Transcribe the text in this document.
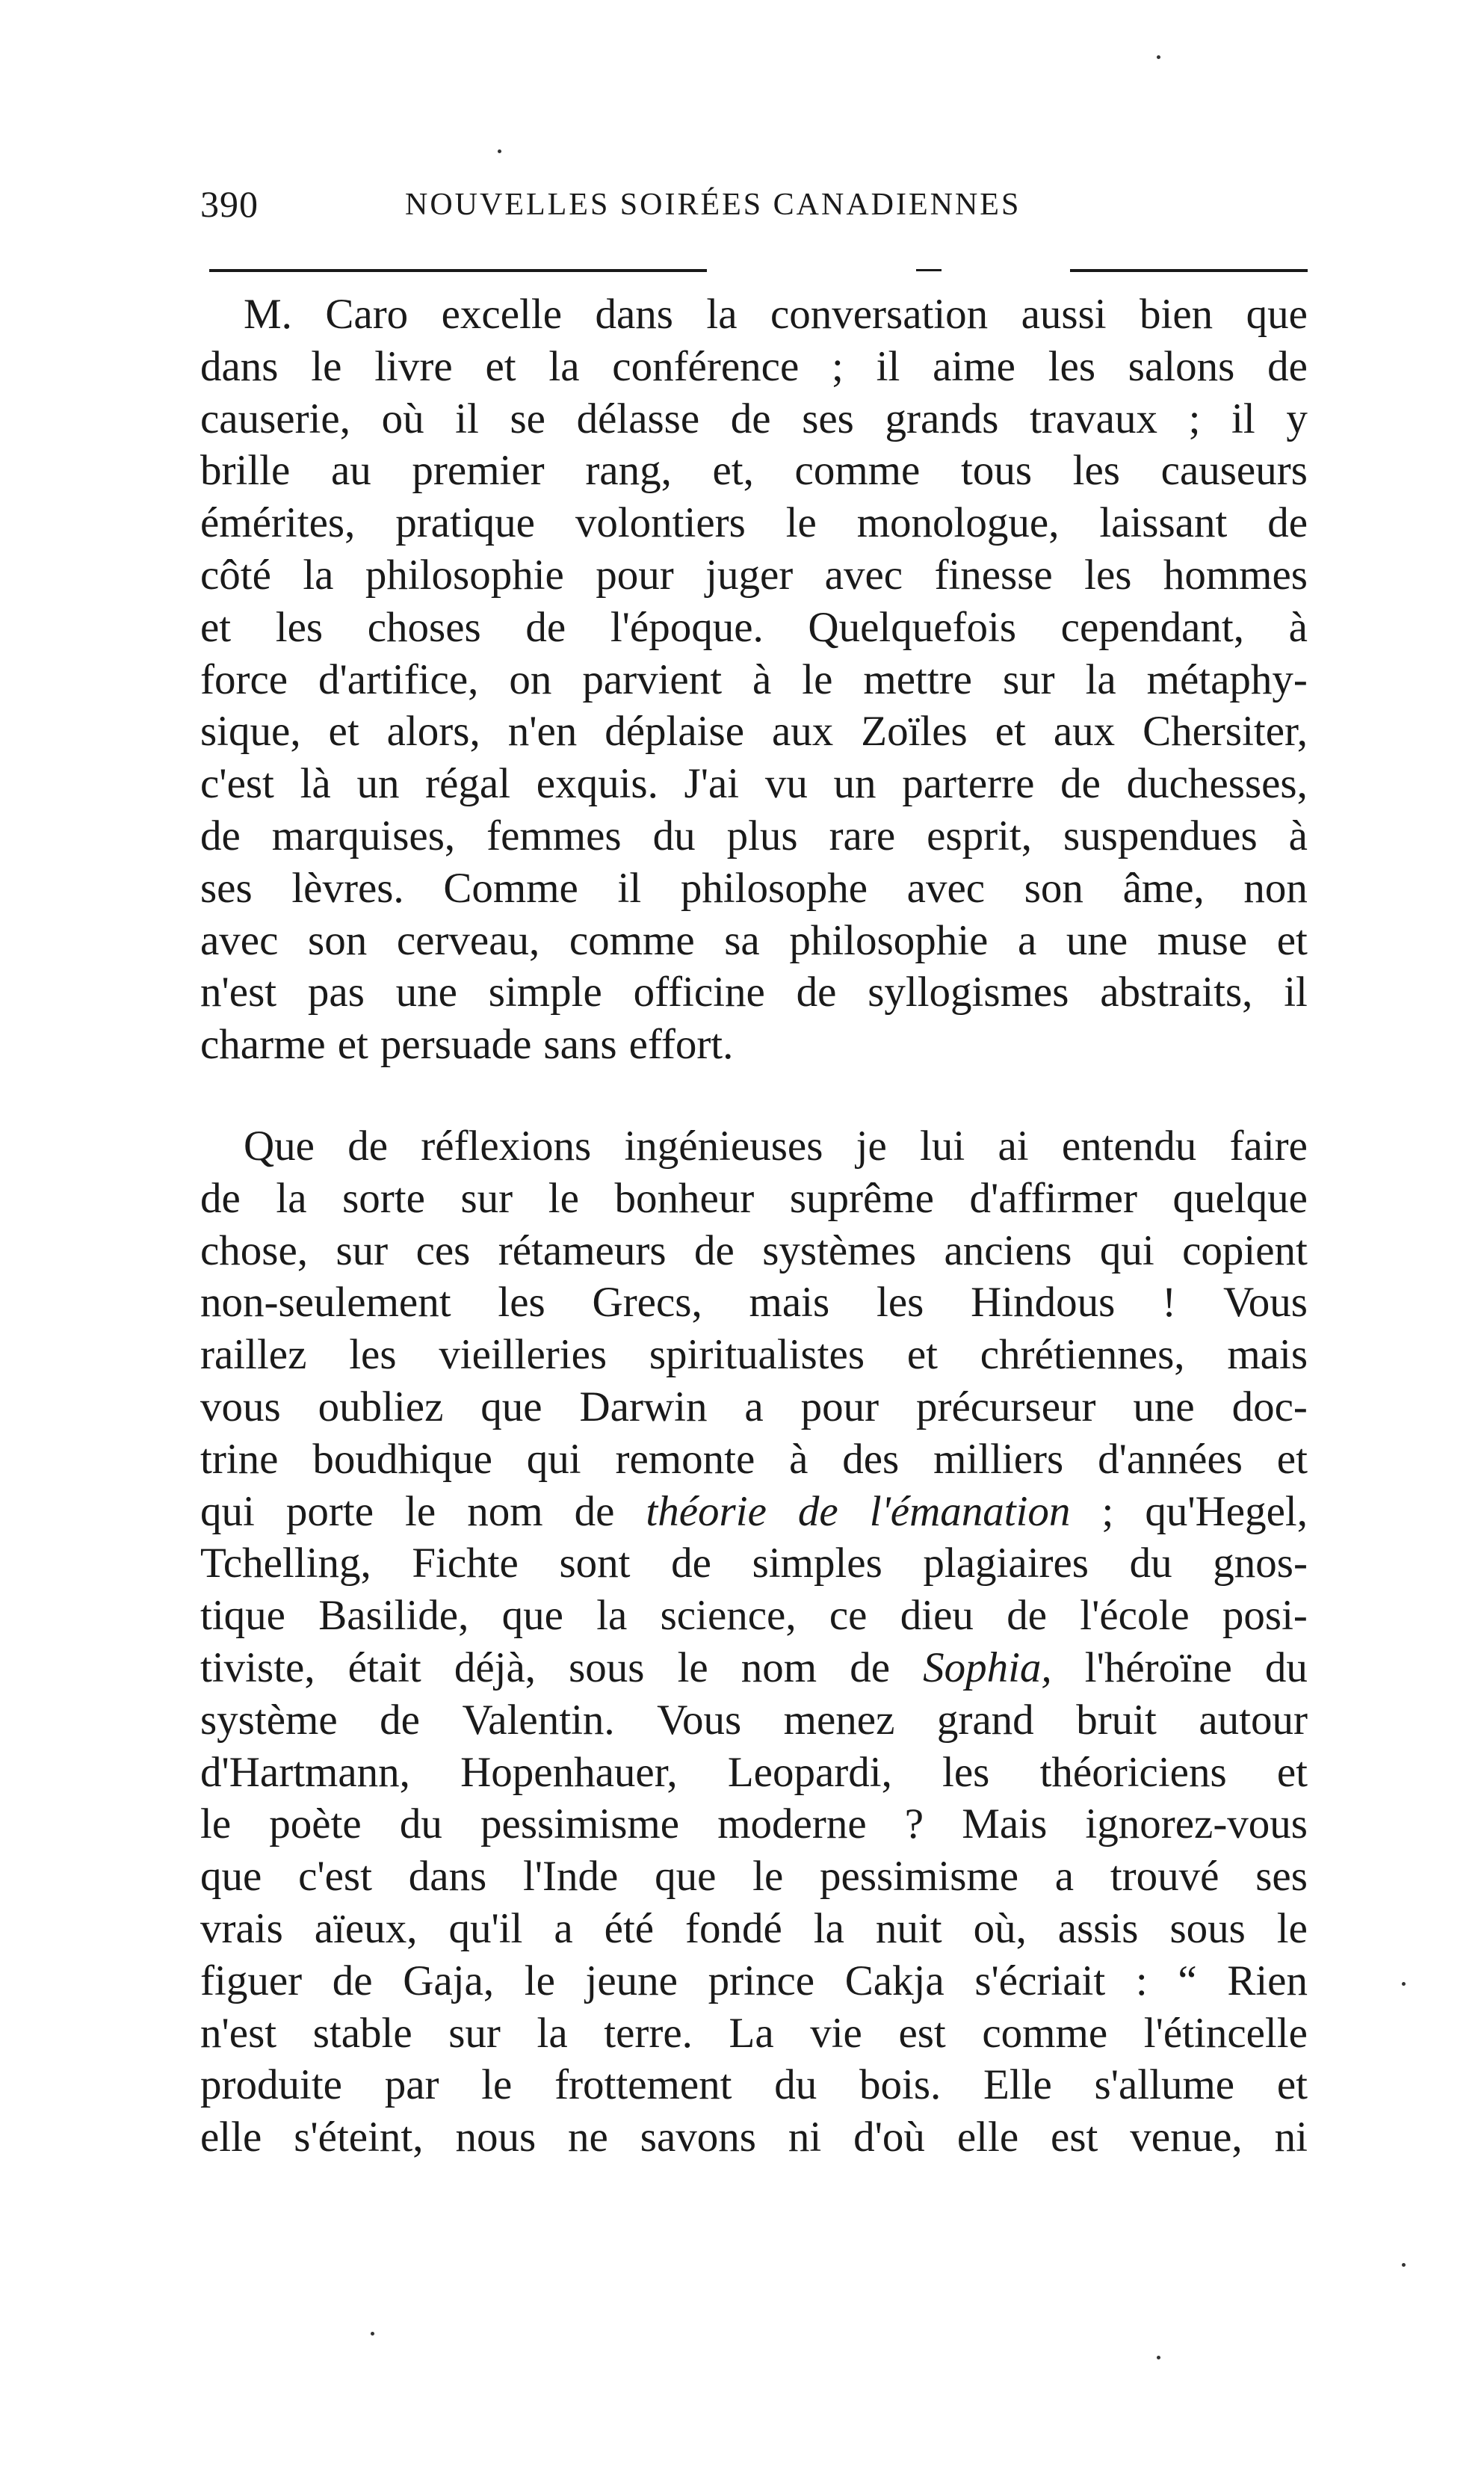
390	NOUVELLES SOIRÉES CANADIENNES
M. Caro excelle dans la conversation aussi bien que
dans le livre et la conférence ; il aime les salons de
causerie, où il se délasse de ses grands travaux ; il y
brille au premier rang, et, comme tous les causeurs
émérites, pratique volontiers le monologue, laissant de
côté la philosophie pour juger avec finesse les hommes
et les choses de l'époque. Quelquefois cependant, à
force d'artifice, on parvient à le mettre sur la métaphy-
sique, et alors, n'en déplaise aux Zoïles et aux Chersiter,
c'est là un régal exquis. J'ai vu un parterre de duchesses,
de marquises, femmes du plus rare esprit, suspendues à
ses lèvres. Comme il philosophe avec son âme, non
avec son cerveau, comme sa philosophie a une muse et
n'est pas une simple officine de syllogismes abstraits, il
charme et persuade sans effort.
Que de réflexions ingénieuses je lui ai entendu faire
de la sorte sur le bonheur suprême d'affirmer quelque
chose, sur ces rétameurs de systèmes anciens qui copient
non-seulement les Grecs, mais les Hindous ! Vous
raillez les vieilleries spiritualistes et chrétiennes, mais
vous oubliez que Darwin a pour précurseur une doc-
trine boudhique qui remonte à des milliers d'années et
qui porte le nom de théorie de l'émanation ; qu'Hegel,
Tchelling, Fichte sont de simples plagiaires du gnos-
tique Basilide, que la science, ce dieu de l'école posi-
tiviste, était déjà, sous le nom de Sophia, l'héroïne du
système de Valentin. Vous menez grand bruit autour
d'Hartmann, Hopenhauer, Leopardi, les théoriciens et
le poète du pessimisme moderne ? Mais ignorez-vous
que c'est dans l'Inde que le pessimisme a trouvé ses
vrais aïeux, qu'il a été fondé la nuit où, assis sous le
figuer de Gaja, le jeune prince Cakja s'écriait : “ Rien
n'est stable sur la terre. La vie est comme l'étincelle
produite par le frottement du bois. Elle s'allume et
elle s'éteint, nous ne savons ni d'où elle est venue, ni
